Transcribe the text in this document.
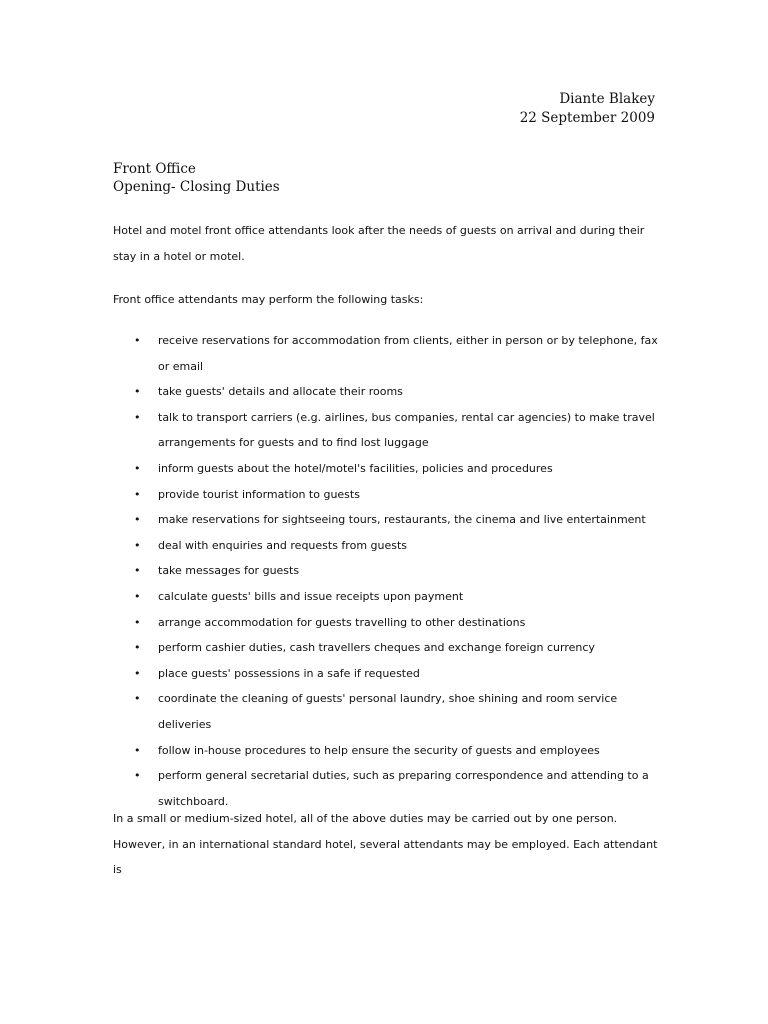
Diante Blakey
22 September 2009
Front Office
Opening- Closing Duties

Hotel and motel front office attendants look after the needs of guests on arrival and during their stay in a hotel or motel.

Front office attendants may perform the following tasks:

• receive reservations for accommodation from clients, either in person or by telephone, fax or email
• take guests' details and allocate their rooms
• talk to transport carriers (e.g. airlines, bus companies, rental car agencies) to make travel arrangements for guests and to find lost luggage
• inform guests about the hotel/motel's facilities, policies and procedures
• provide tourist information to guests
• make reservations for sightseeing tours, restaurants, the cinema and live entertainment
• deal with enquiries and requests from guests
• take messages for guests
• calculate guests' bills and issue receipts upon payment
• arrange accommodation for guests travelling to other destinations
• perform cashier duties, cash travellers cheques and exchange foreign currency
• place guests' possessions in a safe if requested
• coordinate the cleaning of guests' personal laundry, shoe shining and room service deliveries
• follow in-house procedures to help ensure the security of guests and employees
• perform general secretarial duties, such as preparing correspondence and attending to a switchboard.

In a small or medium-sized hotel, all of the above duties may be carried out by one person. However, in an international standard hotel, several attendants may be employed. Each attendant is
